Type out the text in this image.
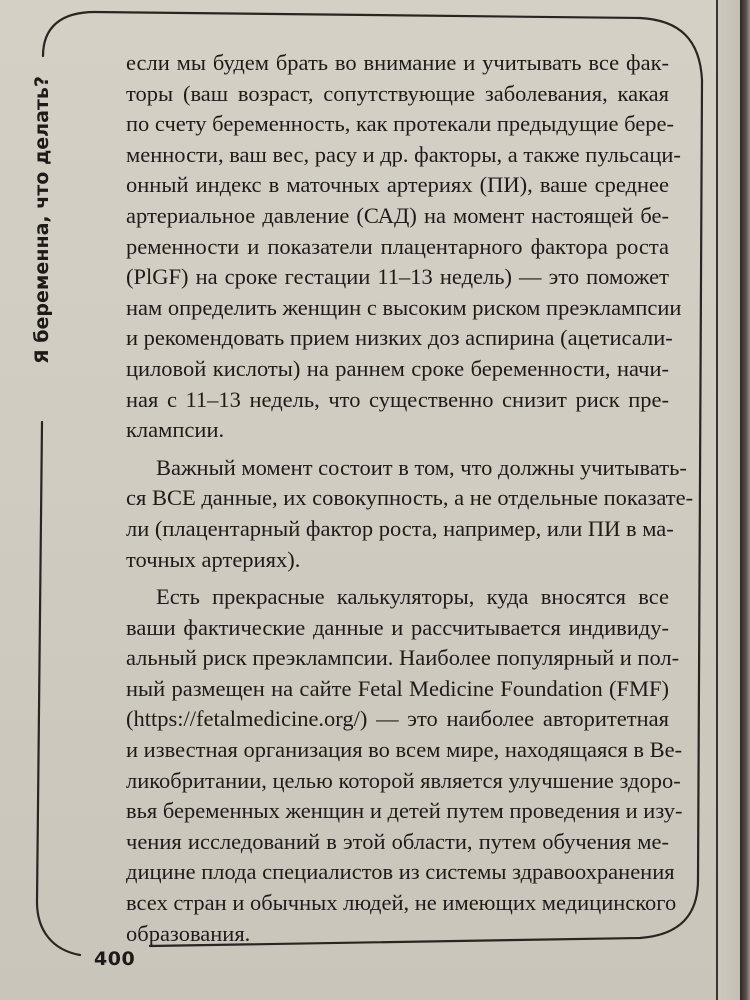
Я беременна, что делать?
400
если мы будем брать во внимание и учитывать все фак-
торы (ваш возраст, сопутствующие заболевания, какая
по счету беременность, как протекали предыдущие бере-
менности, ваш вес, расу и др. факторы, а также пульсаци-
онный индекс в маточных артериях (ПИ), ваше среднее
артериальное давление (САД) на момент настоящей бе-
ременности и показатели плацентарного фактора роста
(PlGF) на сроке гестации 11–13 недель) — это поможет
нам определить женщин с высоким риском преэклампсии
и рекомендовать прием низких доз аспирина (ацетисали-
циловой кислоты) на раннем сроке беременности, начи-
ная с 11–13 недель, что существенно снизит риск пре-
клампсии.
Важный момент состоит в том, что должны учитывать-
ся ВСЕ данные, их совокупность, а не отдельные показате-
ли (плацентарный фактор роста, например, или ПИ в ма-
точных артериях).
Есть прекрасные калькуляторы, куда вносятся все
ваши фактические данные и рассчитывается индивиду-
альный риск преэклампсии. Наиболее популярный и пол-
ный размещен на сайте Fetal Medicine Foundation (FMF)
(https://fetalmedicine.org/) — это наиболее авторитетная
и известная организация во всем мире, находящаяся в Ве-
ликобритании, целью которой является улучшение здоро-
вья беременных женщин и детей путем проведения и изу-
чения исследований в этой области, путем обучения ме-
дицине плода специалистов из системы здравоохранения
всех стран и обычных людей, не имеющих медицинского
образования.
